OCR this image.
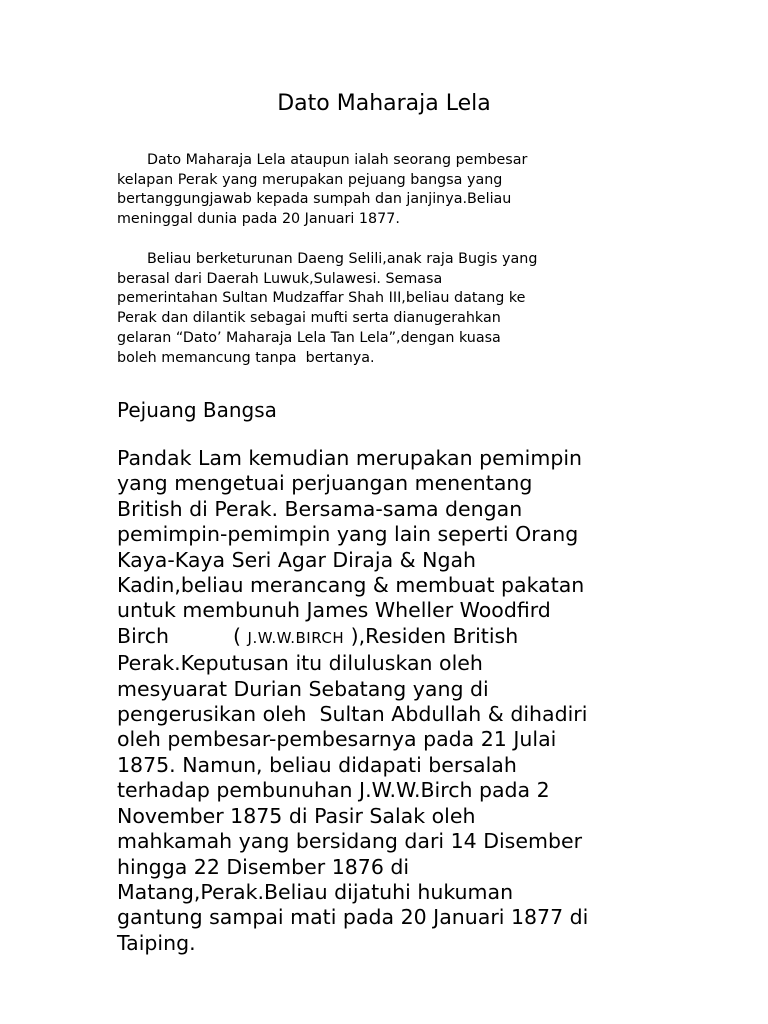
Dato Maharaja Lela

Dato Maharaja Lela ataupun ialah seorang pembesar
kelapan Perak yang merupakan pejuang bangsa yang
bertanggungjawab kepada sumpah dan janjinya.Beliau
meninggal dunia pada 20 Januari 1877.

Beliau berketurunan Daeng Selili,anak raja Bugis yang
berasal dari Daerah Luwuk,Sulawesi. Semasa
pemerintahan Sultan Mudzaffar Shah III,beliau datang ke
Perak dan dilantik sebagai mufti serta dianugerahkan
gelaran “Dato’ Maharaja Lela Tan Lela”,dengan kuasa
boleh memancung tanpa  bertanya.

Pejuang Bangsa

Pandak Lam kemudian merupakan pemimpin
yang mengetuai perjuangan menentang
British di Perak. Bersama-sama dengan
pemimpin-pemimpin yang lain seperti Orang
Kaya-Kaya Seri Agar Diraja & Ngah
Kadin,beliau merancang & membuat pakatan
untuk membunuh James Wheller Woodfird
Birch	( J.W.W.BIRCH ),Residen British
Perak.Keputusan itu diluluskan oleh
mesyuarat Durian Sebatang yang di
pengerusikan oleh  Sultan Abdullah & dihadiri
oleh pembesar-pembesarnya pada 21 Julai
1875. Namun, beliau didapati bersalah
terhadap pembunuhan J.W.W.Birch pada 2
November 1875 di Pasir Salak oleh
mahkamah yang bersidang dari 14 Disember
hingga 22 Disember 1876 di
Matang,Perak.Beliau dijatuhi hukuman
gantung sampai mati pada 20 Januari 1877 di
Taiping.
